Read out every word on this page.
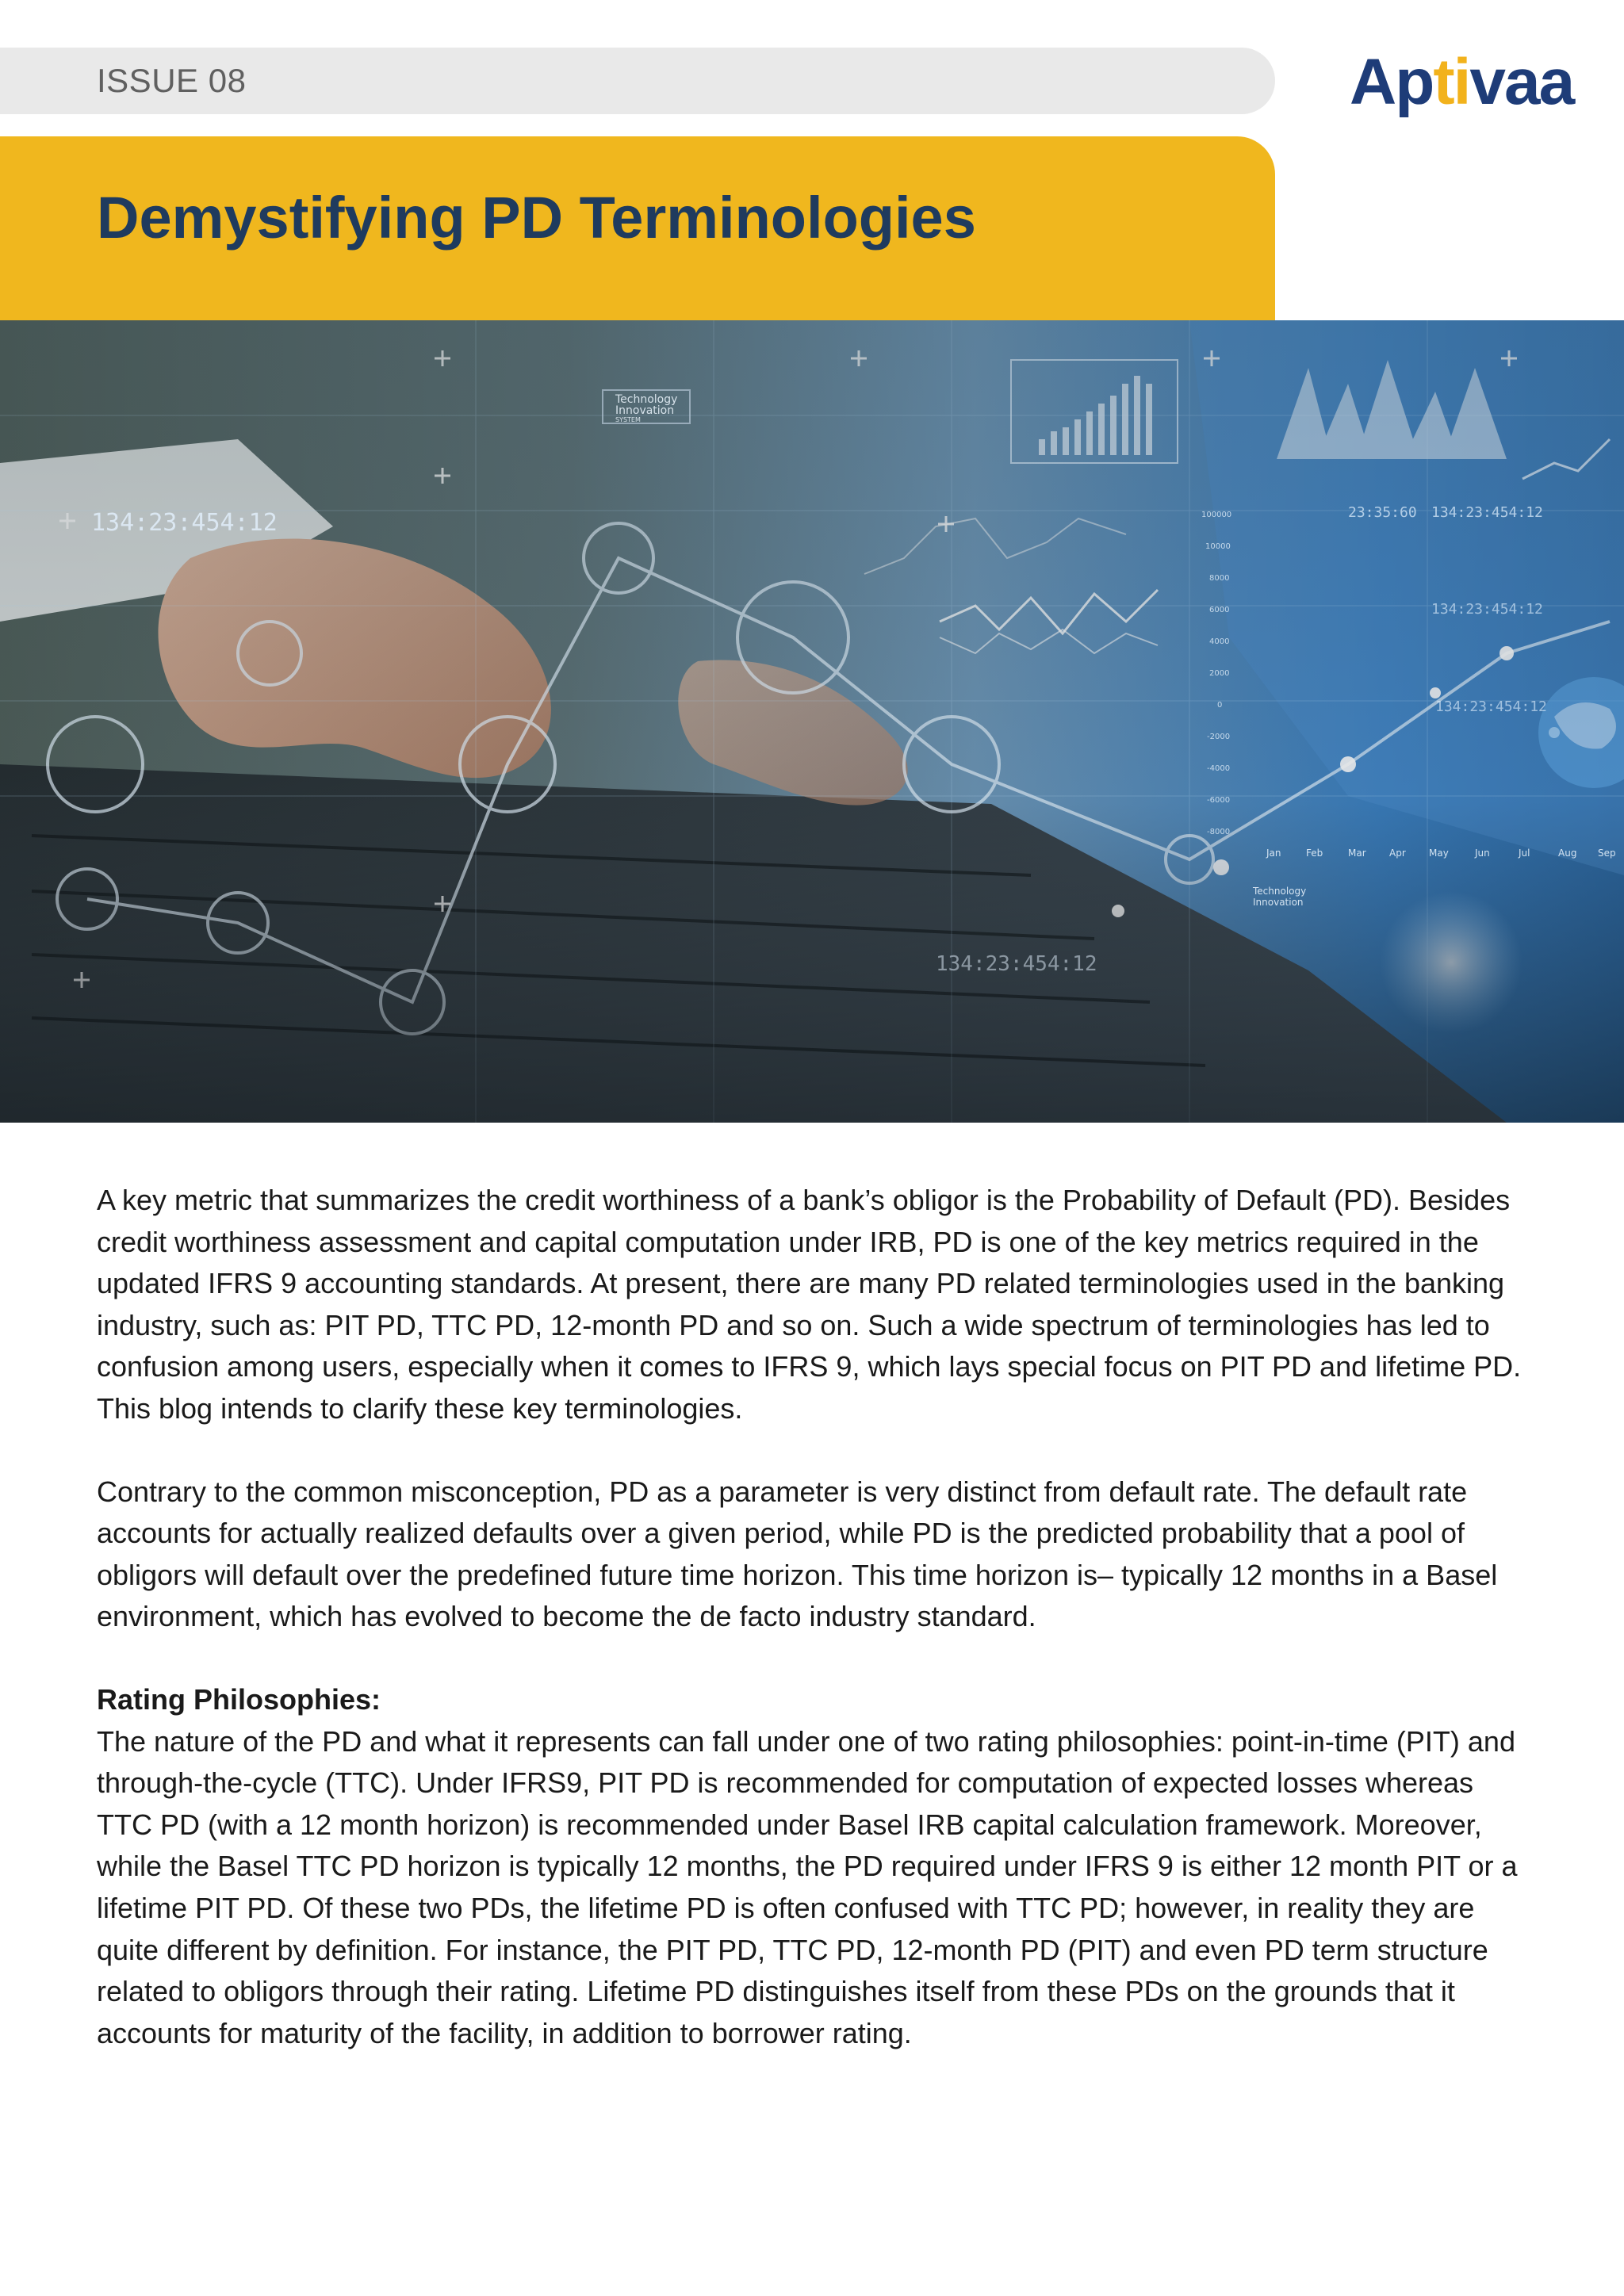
ISSUE 08	Aptivaa
Demystifying PD Terminologies
134:23:454:12	23:35:60 134:23:454:12
134:23:454:12
134:23:454:12
134:23:454:12
Technology
Innovation
SYSTEM
Technology
Innovation
Jan	Feb	Mar Apr May	Jun	Jul	Aug Sep
100000
10000
8000
6000
4000
2000
0
-2000
-4000
-6000
-8000

A key metric that summarizes the credit worthiness of a bank’s obligor is the Probability of Default (PD). Besides credit worthiness assessment and capital computation under IRB, PD is one of the key metrics required in the updated IFRS 9 accounting standards. At present, there are many PD related terminologies used in the banking industry, such as: PIT PD, TTC PD, 12-month PD and so on. Such a wide spectrum of terminologies has led to confusion among users, especially when it comes to IFRS 9, which lays special focus on PIT PD and lifetime PD. This blog intends to clarify these key terminologies.

Contrary to the common misconception, PD as a parameter is very distinct from default rate. The default rate accounts for actually realized defaults over a given period, while PD is the predicted probability that a pool of obligors will default over the predefined future time horizon. This time horizon is– typically 12 months in a Basel environment, which has evolved to become the de facto industry standard.

Rating Philosophies:

The nature of the PD and what it represents can fall under one of two rating philosophies: point-in-time (PIT) and through-the-cycle (TTC). Under IFRS9, PIT PD is recommended for computation of expected losses whereas TTC PD (with a 12 month horizon) is recommended under Basel IRB capital calculation framework. Moreover, while the Basel TTC PD horizon is typically 12 months, the PD required under IFRS 9 is either 12 month PIT or a lifetime PIT PD. Of these two PDs, the lifetime PD is often confused with TTC PD; however, in reality they are quite different by definition. For instance, the PIT PD, TTC PD, 12-month PD (PIT) and even PD term structure related to obligors through their rating. Lifetime PD distinguishes itself from these PDs on the grounds that it accounts for maturity of the facility, in addition to borrower rating.
